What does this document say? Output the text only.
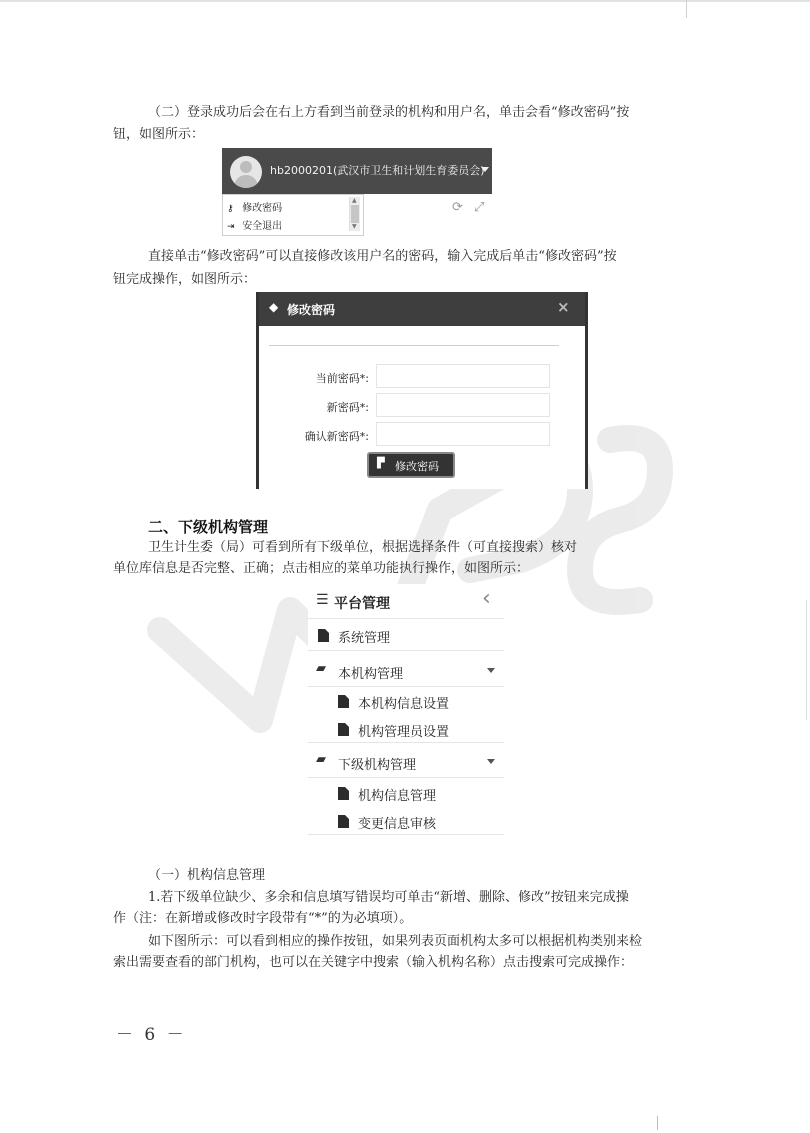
（二）登录成功后会在右上方看到当前登录的机构和用户名，单击会看“修改密码”按
钮，如图所示：
hb2000201(武汉市卫生和计划生育委员会)
⚷ 修改密码
⇥ 安全退出
▲
▼
⟳ ⤢
直接单击“修改密码”可以直接修改该用户名的密码，输入完成后单击“修改密码”按
钮完成操作，如图所示：
◆ 修改密码	×
当前密码*:
新密码*:
确认新密码*:
▛ 修改密码
二、下级机构管理
卫生计生委（局）可看到所有下级单位，根据选择条件（可直接搜索）核对
单位库信息是否完整、正确；点击相应的菜单功能执行操作，如图所示：
☰ 平台管理	‹
系统管理
▰ 本机构管理
本机构信息设置
机构管理员设置
▰ 下级机构管理
机构信息管理
变更信息审核
（一）机构信息管理
1.若下级单位缺少、多余和信息填写错误均可单击“新增、删除、修改”按钮来完成操
作（注：在新增或修改时字段带有“*”的为必填项）。
如下图所示：可以看到相应的操作按钮，如果列表页面机构太多可以根据机构类别来检
索出需要查看的部门机构，也可以在关键字中搜索（输入机构名称）点击搜索可完成操作：
－ 6 －
